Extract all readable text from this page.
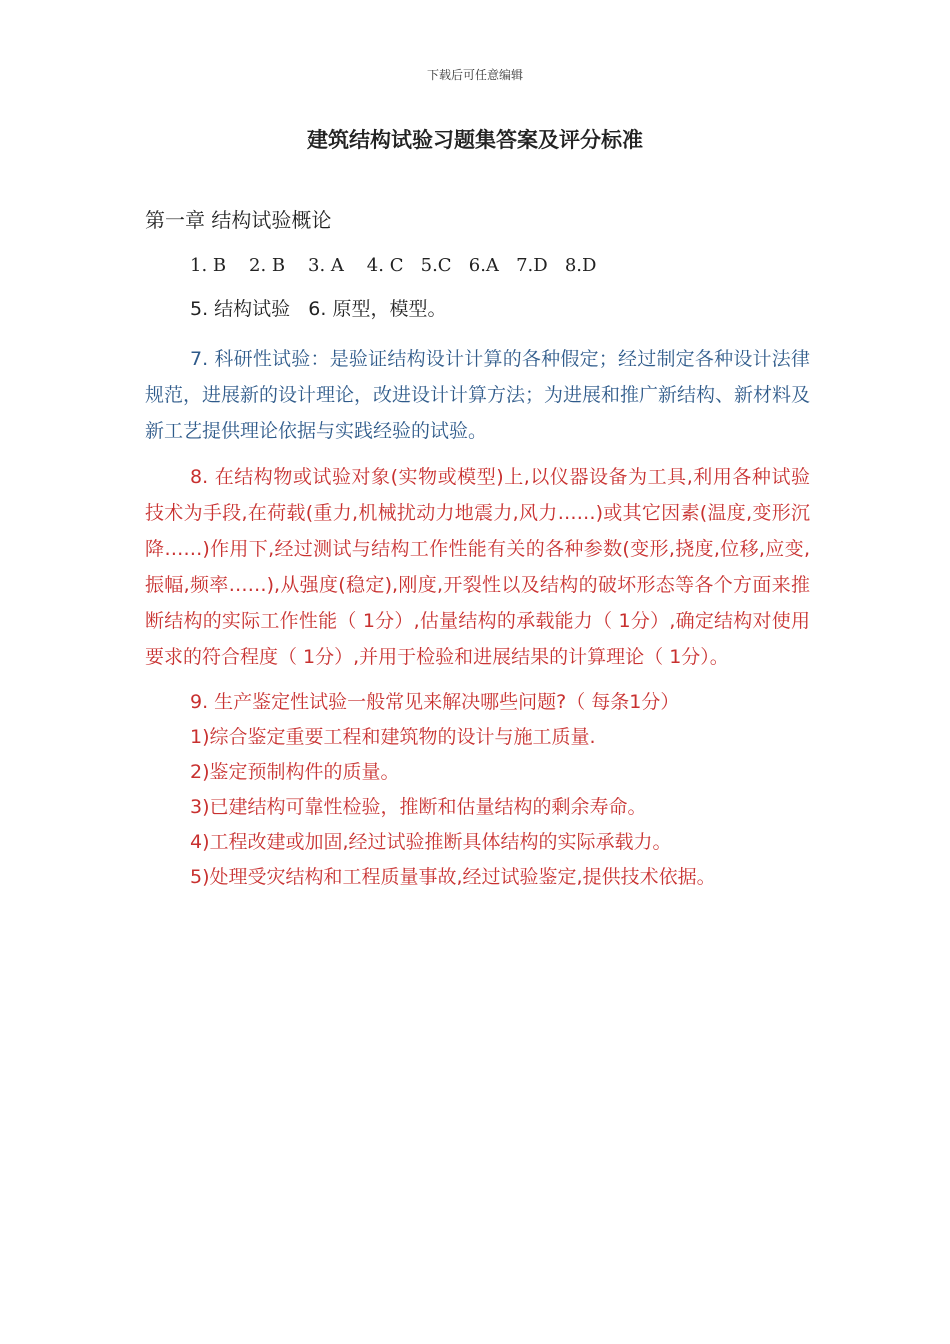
下载后可任意编辑
建筑结构试验习题集答案及评分标准
第一章 结构试验概论
1. B    2. B    3. A    4. C   5.C   6.A   7.D   8.D
5. 结构试验   6. 原型，模型。

7. 科研性试验：是验证结构设计计算的各种假定；经过制定各种设计法律规范，进展新的设计理论，改进设计计算方法；为进展和推广新结构、新材料及新工艺提供理论依据与实践经验的试验。

8. 在结构物或试验对象(实物或模型)上,以仪器设备为工具,利用各种试验技术为手段,在荷载(重力,机械扰动力地震力,风力……)或其它因素(温度,变形沉降……)作用下,经过测试与结构工作性能有关的各种参数(变形,挠度,位移,应变,振幅,频率……),从强度(稳定),刚度,开裂性以及结构的破坏形态等各个方面来推断结构的实际工作性能（ 1分）,估量结构的承载能力（ 1分）,确定结构对使用要求的符合程度（ 1分）,并用于检验和进展结果的计算理论（ 1分）。

9. 生产鉴定性试验一般常见来解决哪些问题?（ 每条1分）

1)综合鉴定重要工程和建筑物的设计与施工质量.

2)鉴定预制构件的质量。

3)已建结构可靠性检验，推断和估量结构的剩余寿命。

4)工程改建或加固,经过试验推断具体结构的实际承载力。

5)处理受灾结构和工程质量事故,经过试验鉴定,提供技术依据。
